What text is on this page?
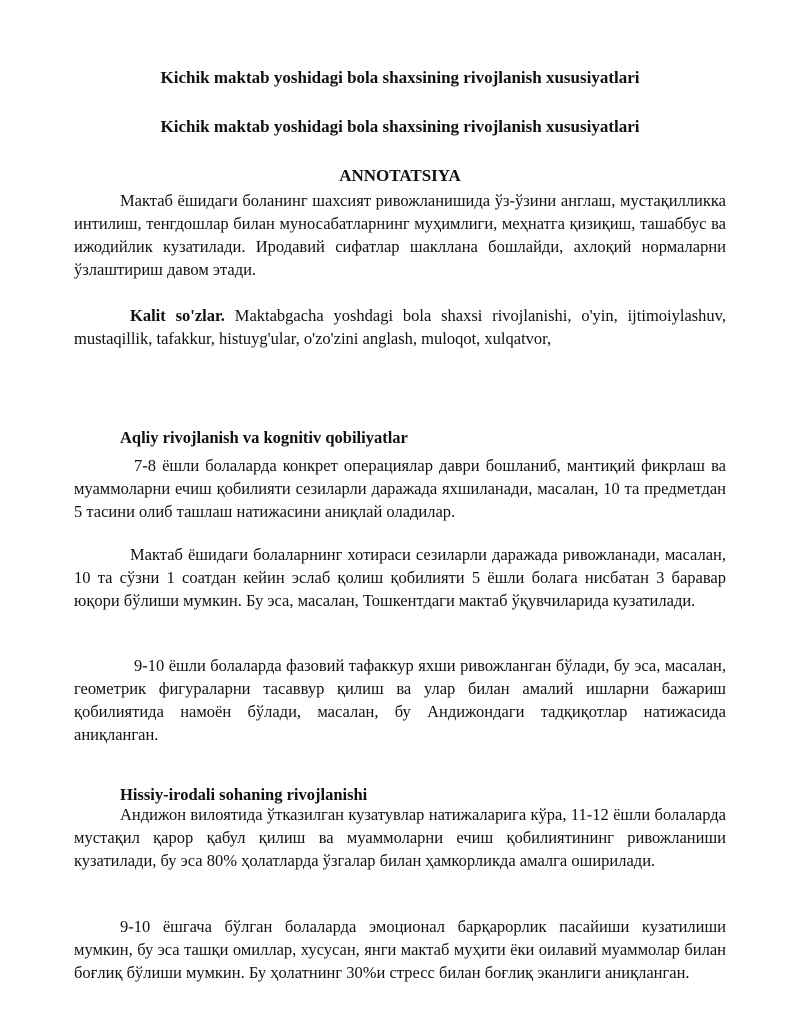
Kichik maktab yoshidagi bola shaxsining rivojlanish xususiyatlari
Kichik maktab yoshidagi bola shaxsining rivojlanish xususiyatlari
ANNOTATSIYA
Мактаб ёшидаги боланинг шахсият ривожланишида ўз-ўзини англаш, мустақилликка интилиш, тенгдошлар билан муносабатларнинг муҳимлиги, меҳнатга қизиқиш, ташаббус ва ижодийлик кузатилади. Иродавий сифатлар шакллана бошлайди, ахлоқий нормаларни ўзлаштириш давом этади.
Kalit so'zlar. Maktabgacha yoshdagi bola shaxsi rivojlanishi, o'yin, ijtimoiylashuv, mustaqillik, tafakkur, histuyg'ular, o'zo'zini anglash, muloqot, xulqatvor,
Aqliy rivojlanish va kognitiv qobiliyatlar
7-8 ёшли болаларда конкрет операциялар даври бошланиб, мантиқий фикрлаш ва муаммоларни ечиш қобилияти сезиларли даражада яхшиланади, масалан, 10 та предметдан 5 тасини олиб ташлаш натижасини аниқлай оладилар.
Мактаб ёшидаги болаларнинг хотираси сезиларли даражада ривожланади, масалан, 10 та сўзни 1 соатдан кейин эслаб қолиш қобилияти 5 ёшли болага нисбатан 3 баравар юқори бўлиши мумкин. Бу эса, масалан, Тошкентдаги мактаб ўқувчиларида кузатилади.
9-10 ёшли болаларда фазовий тафаккур яхши ривожланган бўлади, бу эса, масалан, геометрик фигураларни тасаввур қилиш ва улар билан амалий ишларни бажариш қобилиятида намоён бўлади, масалан, бу Андижондаги тадқиқотлар натижасида аниқланган.
Hissiy-irodali sohaning rivojlanishi
Андижон вилоятида ўтказилган кузатувлар натижаларига кўра, 11-12 ёшли болаларда мустақил қарор қабул қилиш ва муаммоларни ечиш қобилиятининг ривожланиши кузатилади, бу эса 80% ҳолатларда ўзгалар билан ҳамкорликда амалга оширилади.
9-10 ёшгача бўлган болаларда эмоционал барқарорлик пасайиши кузатилиши мумкин, бу эса ташқи омиллар, хусусан, янги мактаб муҳити ёки оилавий муаммолар билан боғлиқ бўлиши мумкин. Бу ҳолатнинг 30%и стресс билан боғлиқ эканлиги аниқланган.
